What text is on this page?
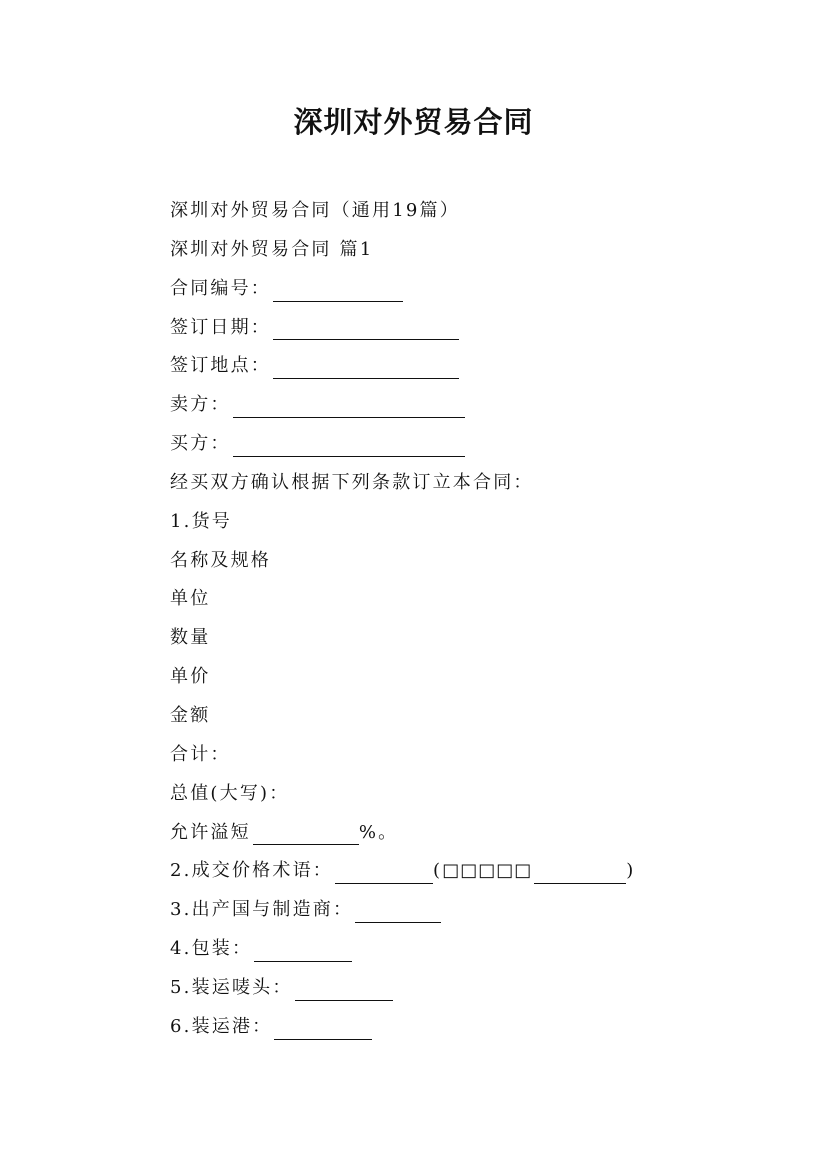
深圳对外贸易合同
深圳对外贸易合同（通用19篇）
深圳对外贸易合同 篇1
合同编号：
签订日期：
签订地点：
卖方：
买方：
经买双方确认根据下列条款订立本合同：
1.货号
名称及规格
单位
数量
单价
金额
合计：
总值(大写)：
允许溢短	%。
2.成交价格术语：	( □□□□□	)
3.出产国与制造商：
4.包装：
5.装运唛头：
6.装运港：
